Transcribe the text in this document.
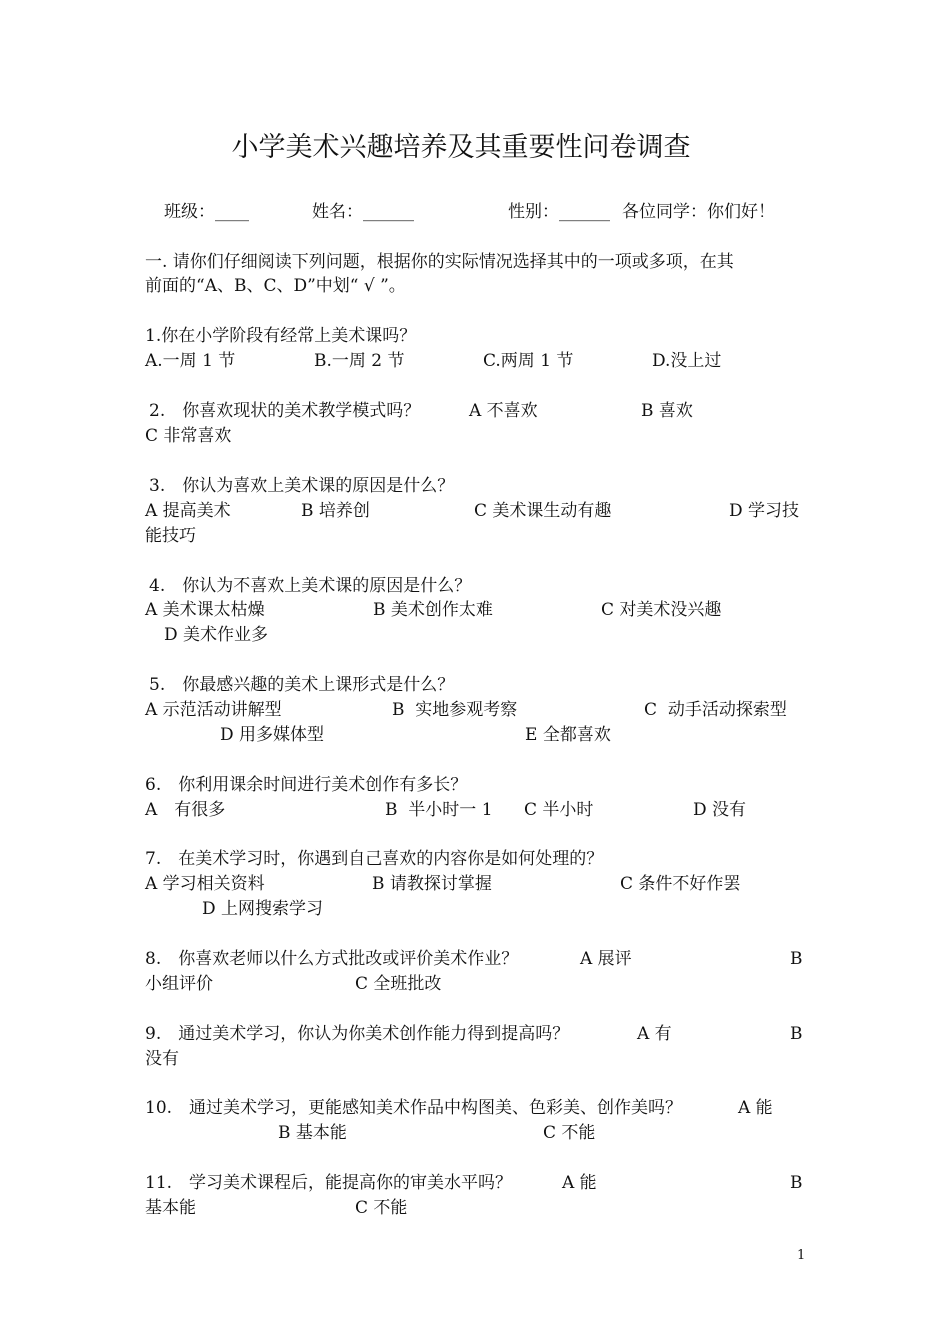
小学美术兴趣培养及其重要性问卷调查
班级：____	姓名：______	性别：______ 各位同学：你们好！
一. 请你们仔细阅读下列问题，根据你的实际情况选择其中的一项或多项，在其
前面的“A、B、C、D”中划“ √ ”。
1.你在小学阶段有经常上美术课吗？
A.一周 1 节	B.一周 2 节	C.两周 1 节	D.没上过
2.　你喜欢现状的美术教学模式吗？	A 不喜欢	B 喜欢
C 非常喜欢
3.　你认为喜欢上美术课的原因是什么？
A 提高美术	B 培养创	C 美术课生动有趣	D 学习技
能技巧
4.　你认为不喜欢上美术课的原因是什么？
A 美术课太枯燥	B 美术创作太难	C 对美术没兴趣
D 美术作业多
5.　你最感兴趣的美术上课形式是什么？
A 示范活动讲解型	B  实地参观考察	C  动手活动探索型
D 用多媒体型	E 全都喜欢
6.　你利用课余时间进行美术创作有多长？
A　有很多	B  半小时一 1 C 半小时	D 没有
7.　在美术学习时，你遇到自己喜欢的内容你是如何处理的？
A 学习相关资料	B 请教探讨掌握	C 条件不好作罢
D 上网搜索学习
8.　你喜欢老师以什么方式批改或评价美术作业？	A 展评	B
小组评价	C 全班批改
9.　通过美术学习，你认为你美术创作能力得到提高吗？	A 有	B
没有
10.　通过美术学习，更能感知美术作品中构图美、色彩美、创作美吗？	A 能
B 基本能	C 不能
11.　学习美术课程后，能提高你的审美水平吗？	A 能	B
基本能	C 不能
1
